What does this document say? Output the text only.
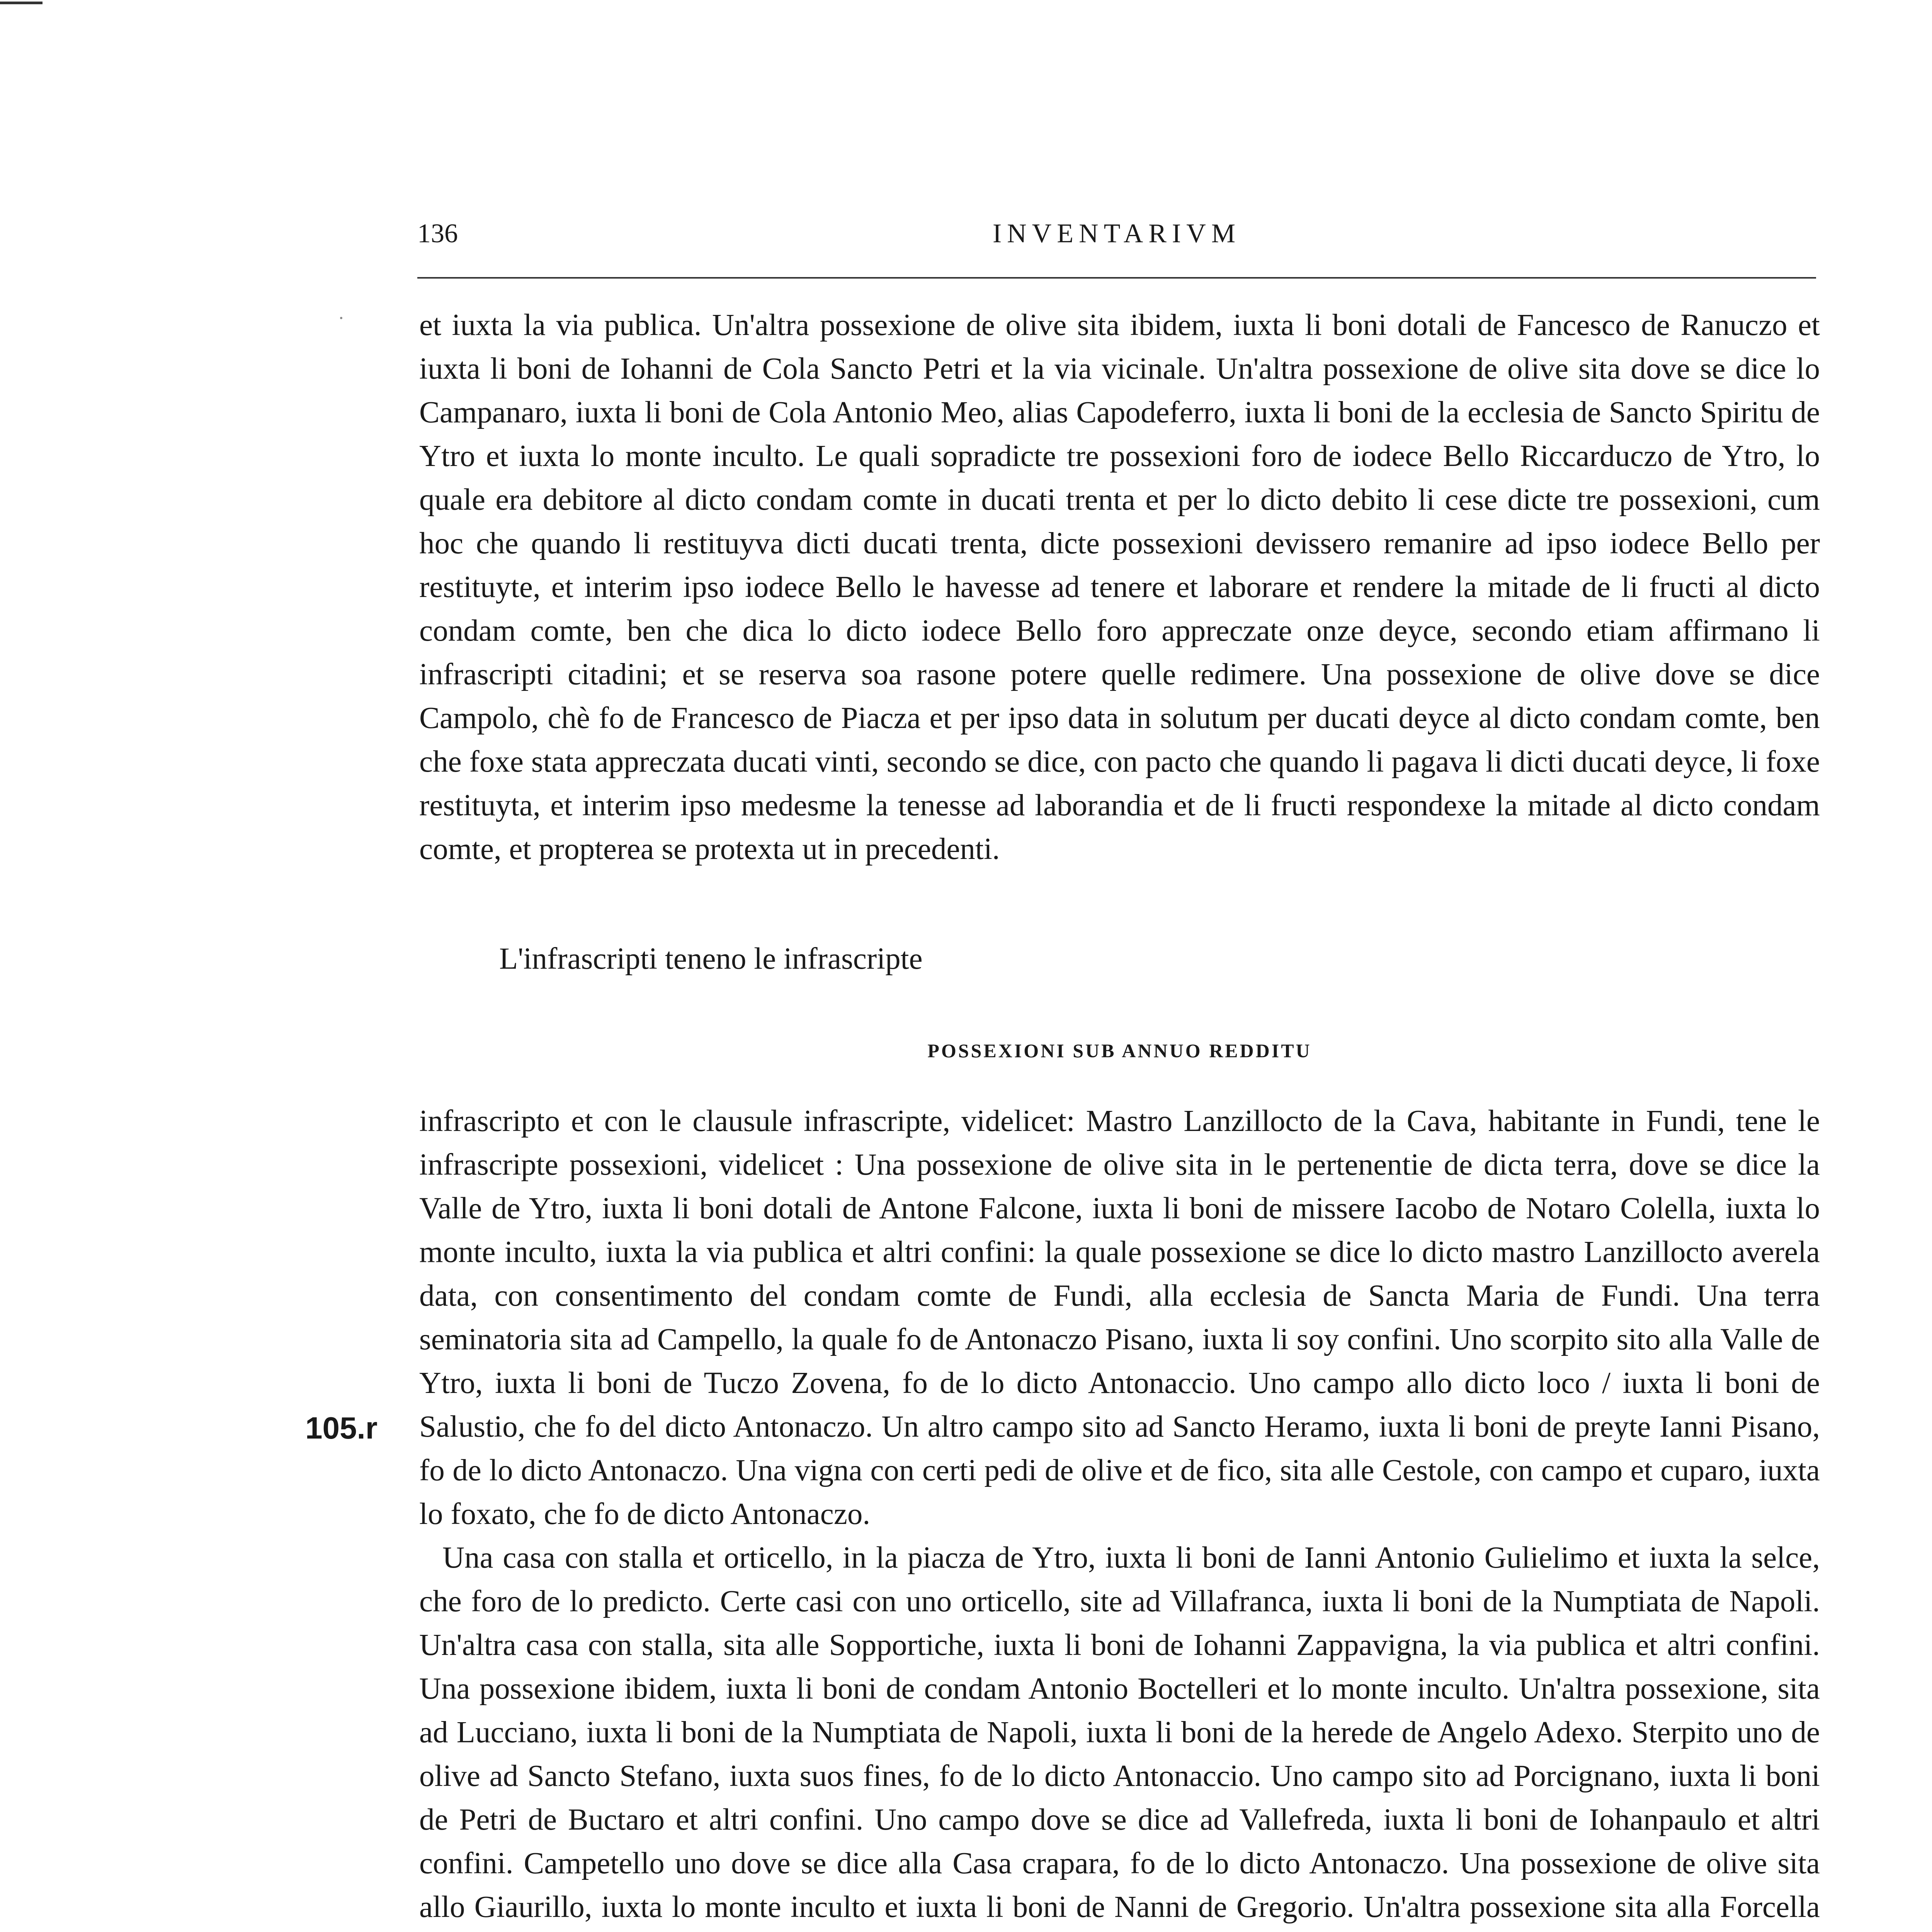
136	INVENTARIVM

et iuxta la via publica. Un'altra possexione de olive sita ibidem, iuxta li boni dotali de Fancesco de Ranuczo et iuxta li boni de Iohanni de Cola Sancto Petri et la via vicinale. Un'altra possexione de olive sita dove se dice lo Campanaro, iuxta li boni de Cola Antonio Meo, alias Capodeferro, iuxta li boni de la ecclesia de Sancto Spiritu de Ytro et iuxta lo monte inculto. Le quali sopradicte tre possexioni foro de iodece Bello Riccarduczo de Ytro, lo quale era debitore al dicto condam comte in ducati trenta et per lo dicto debito li cese dicte tre possexioni, cum hoc che quando li restituyva dicti ducati trenta, dicte possexioni devissero remanire ad ipso iodece Bello per restituyte, et interim ipso iodece Bello le havesse ad tenere et laborare et rendere la mitade de li fructi al dicto condam comte, ben che dica lo dicto iodece Bello foro appreczate onze deyce, secondo etiam affirmano li infrascripti citadini; et se reserva soa rasone potere quelle redimere. Una possexione de olive dove se dice Campolo, chè fo de Francesco de Piacza et per ipso data in solutum per ducati deyce al dicto condam comte, ben che foxe stata appreczata ducati vinti, secondo se dice, con pacto che quando li pagava li dicti ducati deyce, li foxe restituyta, et interim ipso medesme la tenesse ad laborandia et de li fructi respondexe la mitade al dicto condam comte, et propterea se protexta ut in precedenti.

L'infrascripti teneno le infrascripte
POSSEXIONI SUB ANNUO REDDITU

infrascripto et con le clausule infrascripte, videlicet: Mastro Lanzillocto de la Cava, habitante in Fundi, tene le infrascripte possexioni, videlicet : Una possexione de olive sita in le pertenentie de dicta terra, dove se dice la Valle de Ytro, iuxta li boni dotali de Antone Falcone, iuxta li boni de missere Iacobo de Notaro Colella, iuxta lo monte inculto, iuxta la via publica et altri confini: la quale possexione se dice lo dicto mastro Lanzillocto averela data, con consentimento del condam comte de Fundi, alla ecclesia de Sancta Maria de Fundi. Una terra seminatoria sita ad Campello, la quale fo de Antonaczo Pisano, iuxta li soy confini. Uno scorpito sito alla Valle de Ytro, iuxta li boni de Tuczo Zovena, fo de lo dicto Antonaccio. Uno campo allo dicto loco / iuxta li boni de Salustio, che fo del dicto Antonaczo. Un altro campo sito ad Sancto Heramo, iuxta li boni de preyte Ianni Pisano, fo de lo dicto Antonaczo. Una vigna con certi pedi de olive et de fico, sita alle Cestole, con campo et cuparo, iuxta lo foxato, che fo de dicto Antonaczo.

Una casa con stalla et orticello, in la piacza de Ytro, iuxta li boni de Ianni Antonio Gulielimo et iuxta la selce, che foro de lo predicto. Certe casi con uno orticello, site ad Villafranca, iuxta li boni de la Numptiata de Napoli. Un'altra casa con stalla, sita alle Sopportiche, iuxta li boni de Iohanni Zappavigna, la via publica et altri confini. Una possexione ibidem, iuxta li boni de condam Antonio Boctelleri et lo monte inculto. Un'altra possexione, sita ad Lucciano, iuxta li boni de la Numptiata de Napoli, iuxta li boni de la herede de Angelo Adexo. Sterpito uno de olive ad Sancto Stefano, iuxta suos fines, fo de lo dicto Antonaccio. Uno campo sito ad Porcignano, iuxta li boni de Petri de Buctaro et altri confini. Uno campo dove se dice ad Vallefreda, iuxta li boni de Iohanpaulo et altri confini. Campetello uno dove se dice alla Casa crapara, fo de lo dicto Antonaczo. Una possexione de olive sita allo Giaurillo, iuxta lo monte inculto et iuxta li boni de Nanni de Gregorio. Un'altra possexione sita alla Forcella

105.r
